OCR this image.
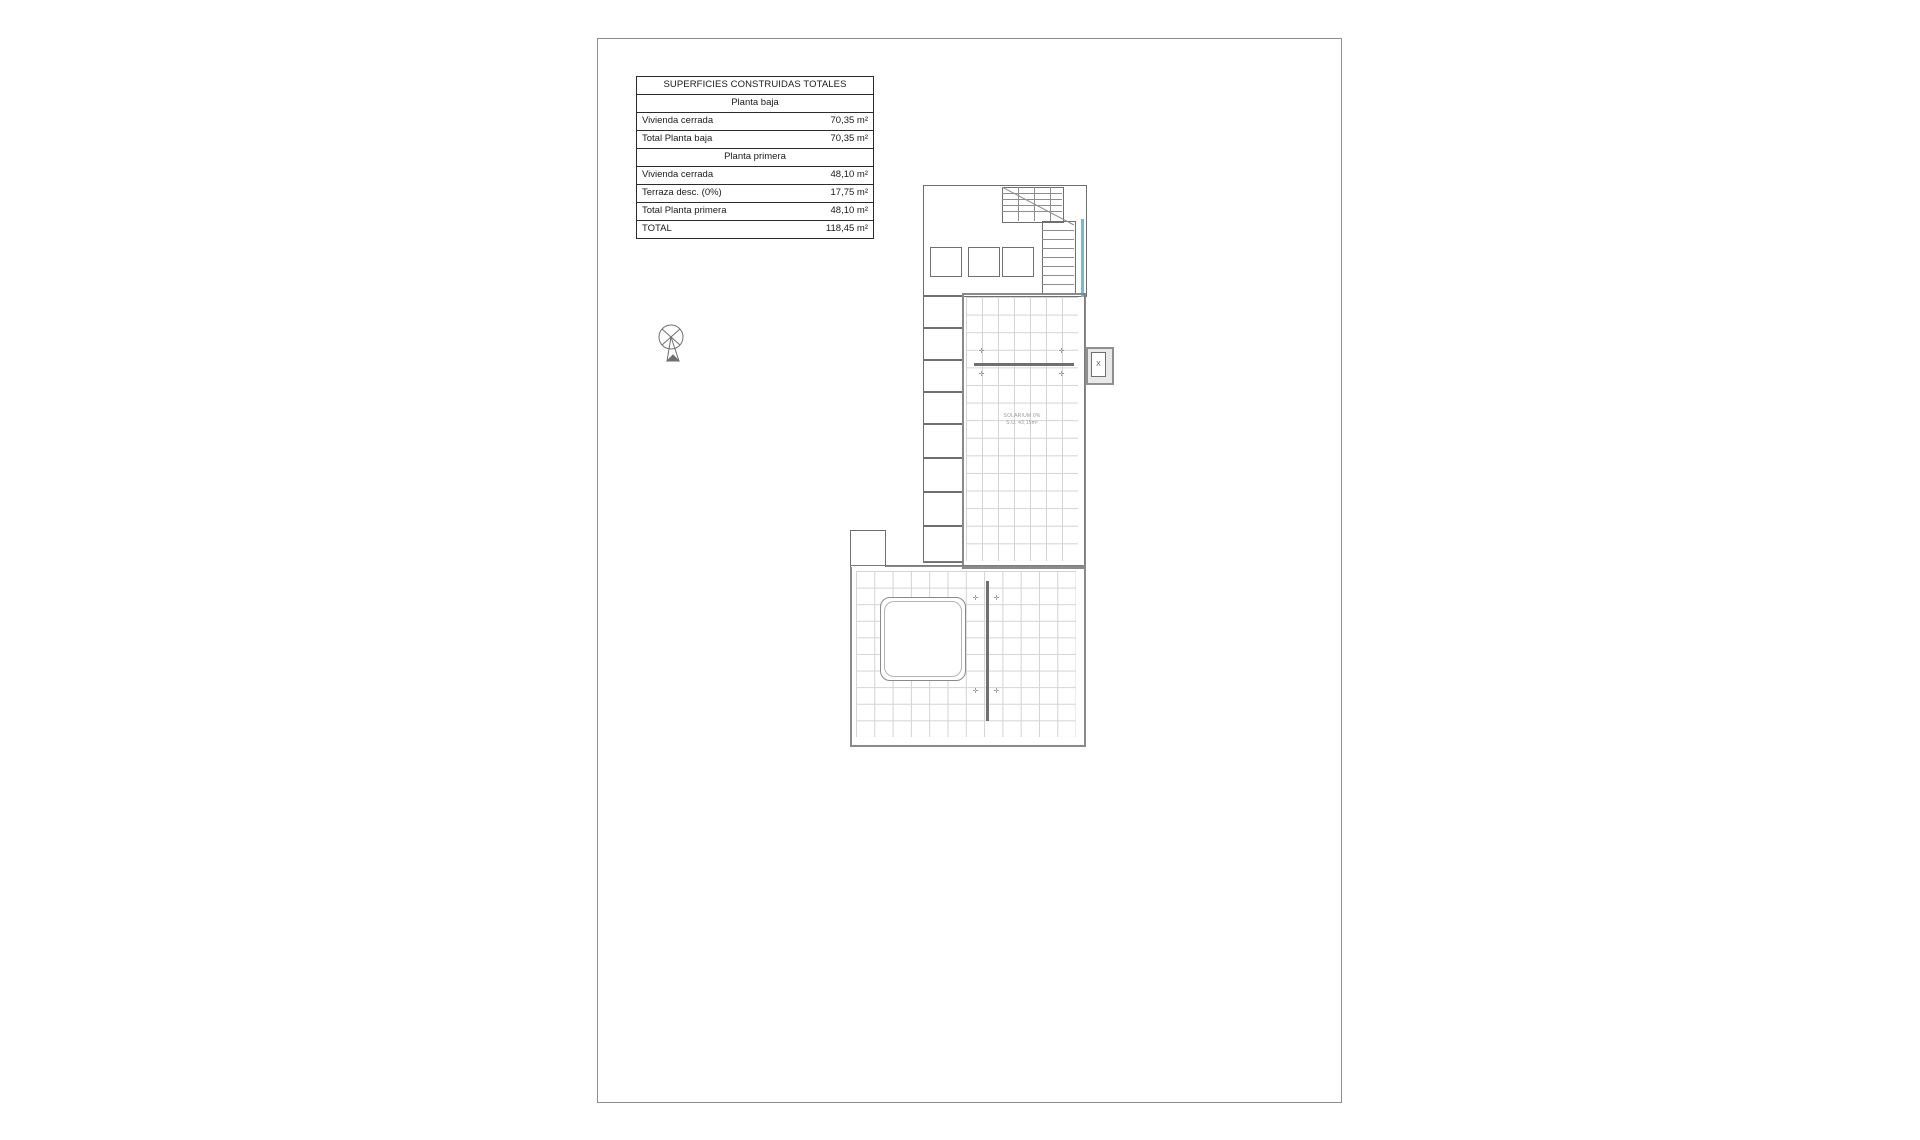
SUPERFICIES CONSTRUIDAS TOTALES	
Planta baja	
Vivienda cerrada	70,35 m²
Total Planta baja	70,35 m²
Planta primera	
Vivienda cerrada	48,10 m²
Terraza desc. (0%)	17,75 m²
Total Planta primera	48,10 m²
TOTAL	118,45 m²
SOLARIUM 0%
S.U. 43,15m²
✛	✛
✛	✛
X
✛ ✛
✛ ✛
